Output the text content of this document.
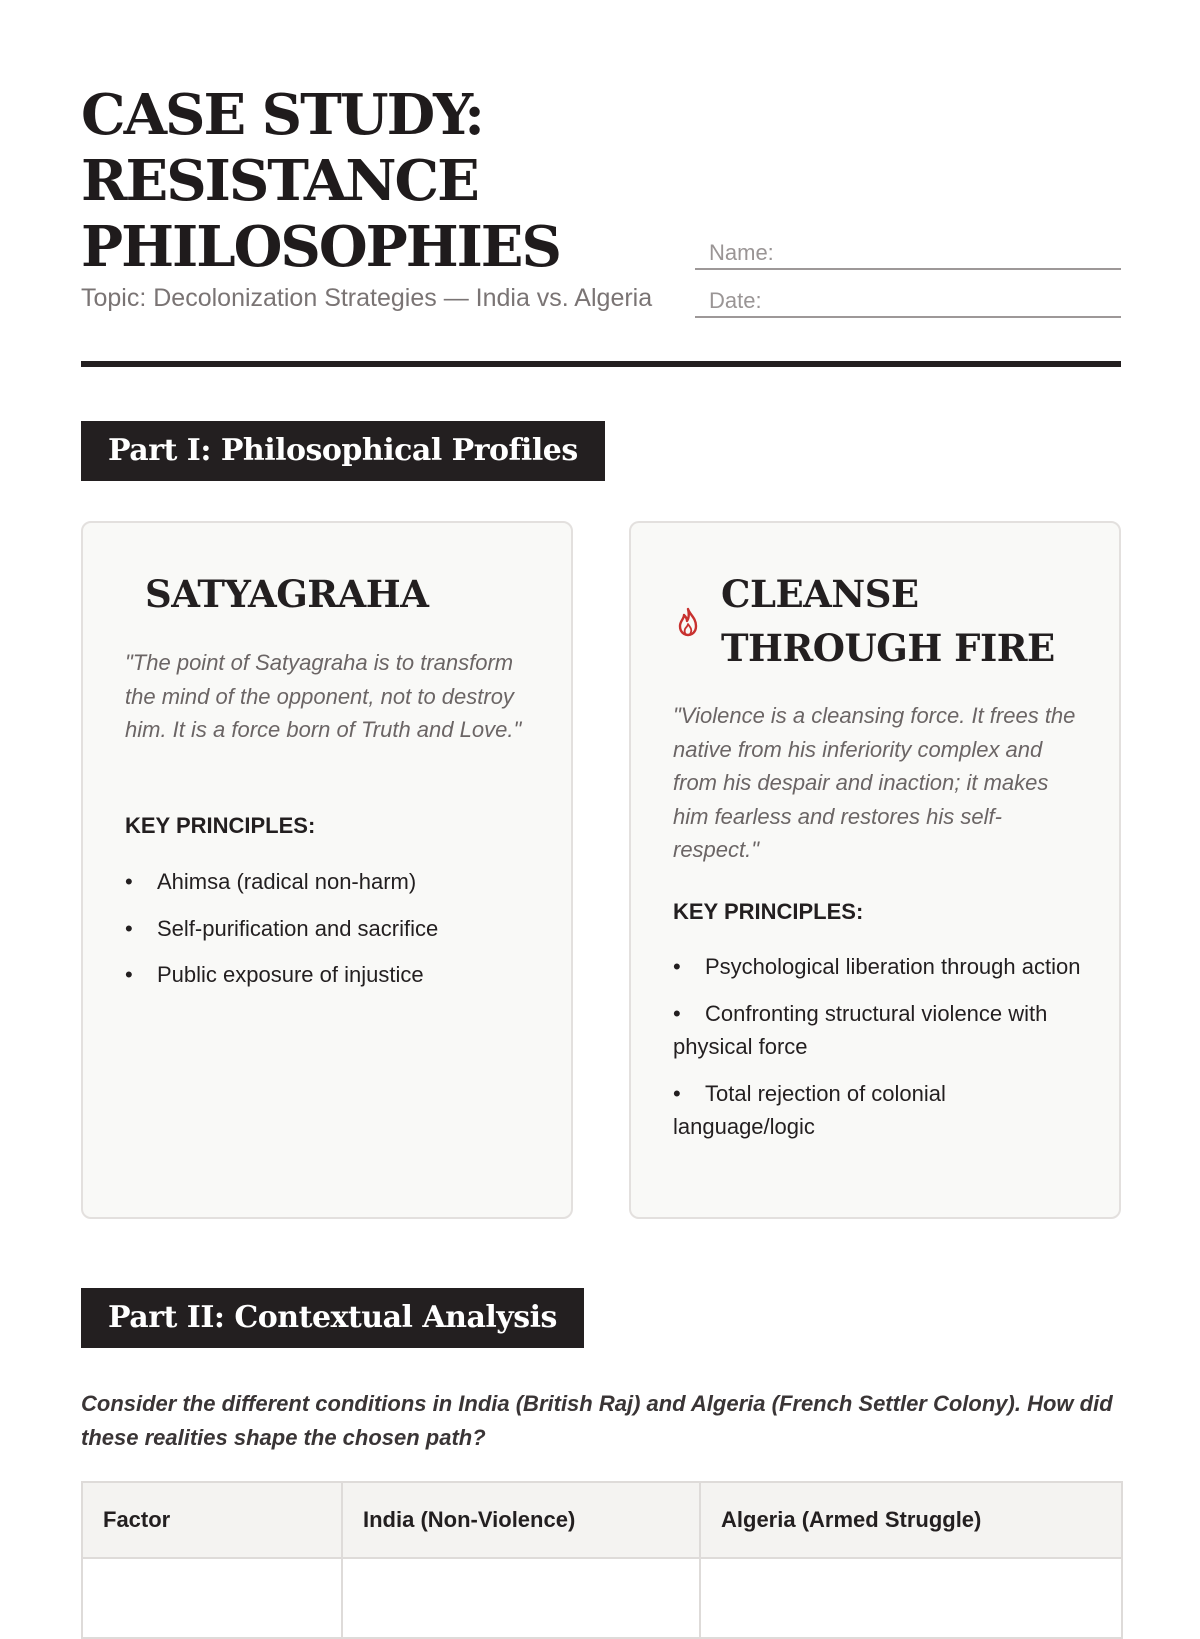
CASE STUDY:
RESISTANCE
PHILOSOPHIES
Topic: Decolonization Strategies — India vs. Algeria
Name:
Date:
Part I: Philosophical Profiles
SATYAGRAHA

"The point of Satyagraha is to transform the mind of the opponent, not to destroy him. It is a force born of Truth and Love."

KEY PRINCIPLES:

• Ahimsa (radical non-harm)
• Self-purification and sacrifice
• Public exposure of injustice
CLEANSE
THROUGH FIRE

"Violence is a cleansing force. It frees the native from his inferiority complex and from his despair and inaction; it makes him fearless and restores his self-respect."

KEY PRINCIPLES:

• Psychological liberation through action
• Confronting structural violence with physical force
• Total rejection of colonial language/logic
Part II: Contextual Analysis

Consider the different conditions in India (British Raj) and Algeria (French Settler Colony). How did these realities shape the chosen path?

Factor	India (Non-Violence)	Algeria (Armed Struggle)
